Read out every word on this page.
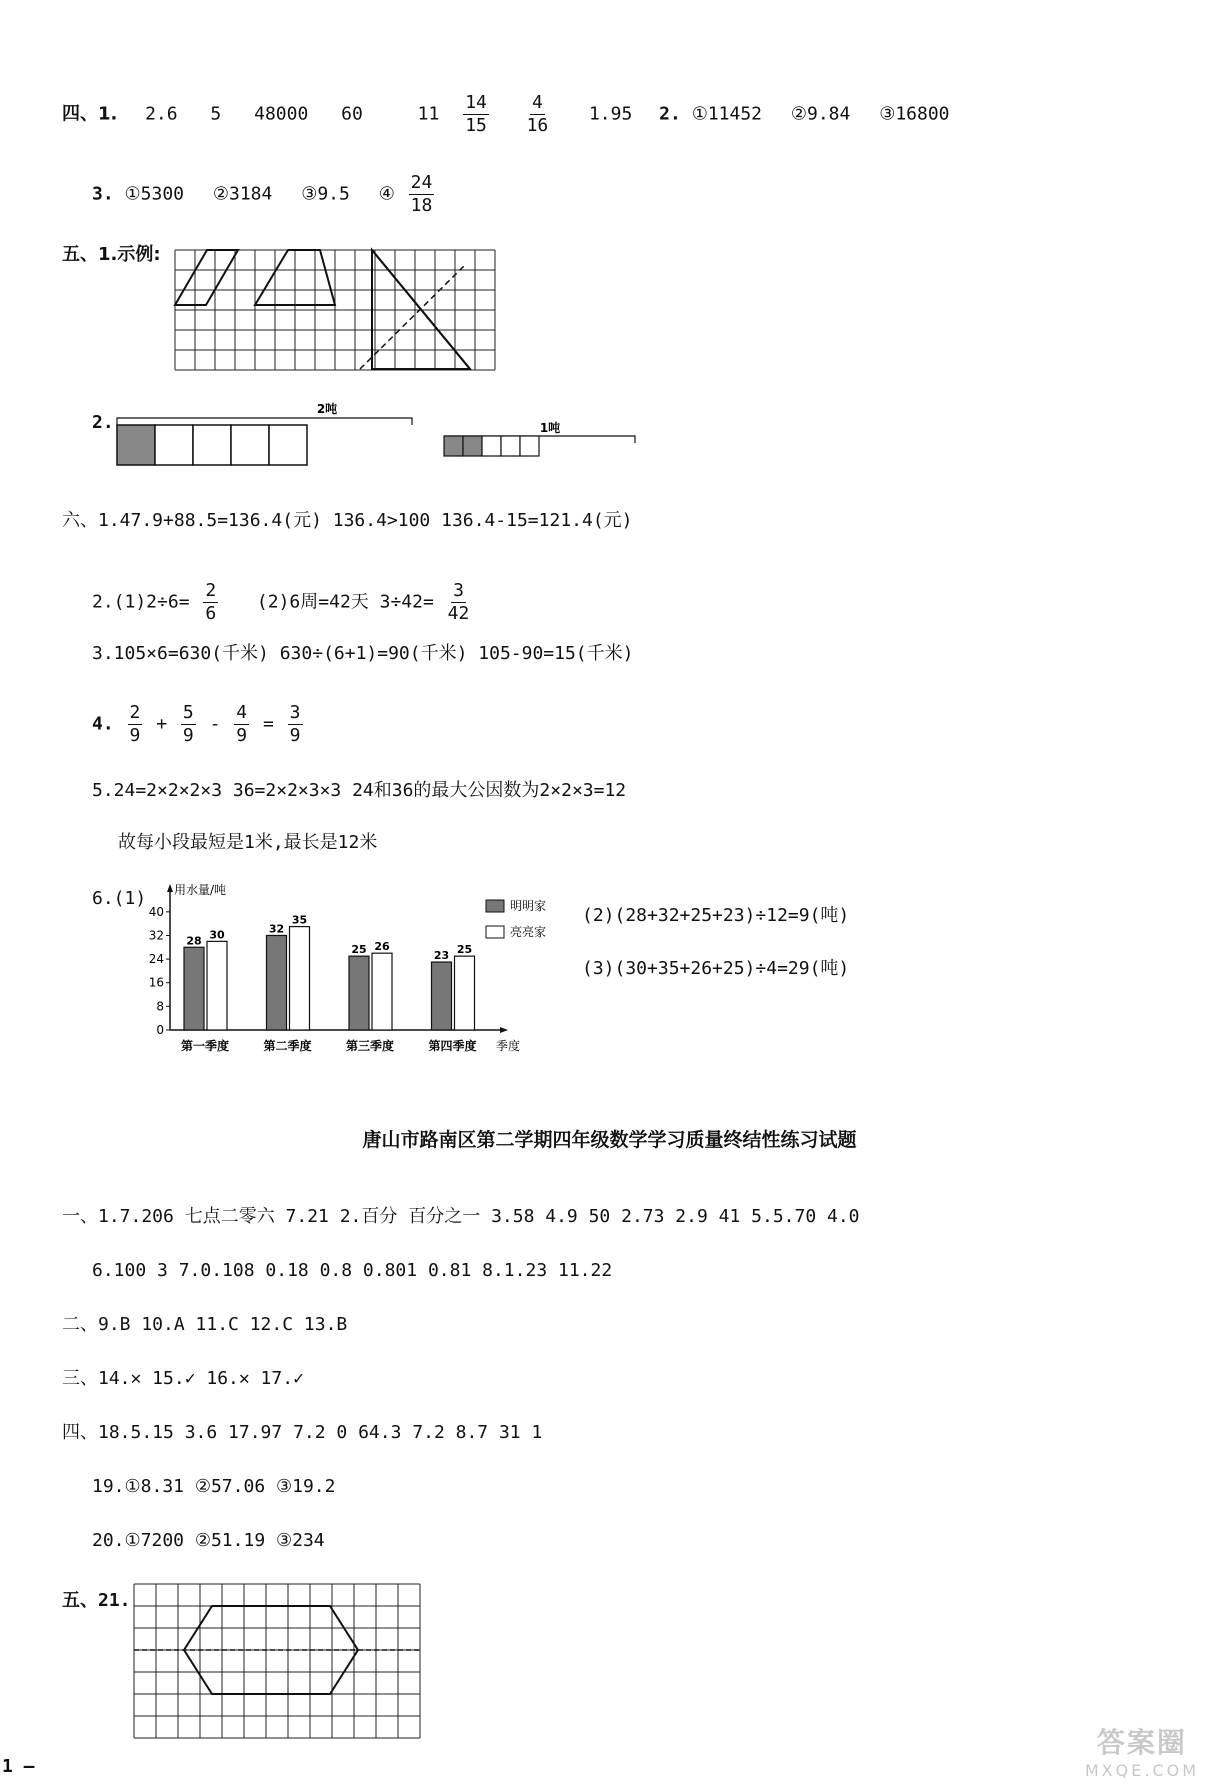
四、1. 2.6 5 48000 60	$11 \frac{14}{15}$
$\frac{4}{16} 1.95$ 2. ①11452 ②9.84 ③16800
3. ①5300 ②3184 ③9.5 ④ $\frac{24}{18}$
五、1.示例:
2.
2吨
1吨
六、1.47.9+88.5=136.4(元) 136.4>100 136.4-15=121.4(元)
$2.(1)2\div 6= \frac{2}{6} (2)6$周=42天 $3\div 42= \frac{3}{42}$
3.105×6=630(千米) 630÷(6+1)=90(千米) 105-90=15(千米)
4. $\frac{2}{9} + \frac{5}{9} - \frac{4}{9} = \frac{3}{9}$
5.24=2×2×2×3 36=2×2×3×3 24和36的最大公因数为2×2×3=12
故每小段最短是1米,最长是12米
6.(1) 用水量/吨
季度
0
8
16
24
32
40
28 30
第一季度
32
35
第二季度
25 26
第三季度
23 25
第四季度
明明家
亮亮家
(2)(28+32+25+23)÷12=9(吨)
(3)(30+35+26+25)÷4=29(吨)
唐山市路南区第二学期四年级数学学习质量终结性练习试题
一、1.7.206 七点二零六 7.21 2.百分 百分之一 3.58 4.9 50 2.73 2.9 41 5.5.70 4.0
6.100 3 7.0.108 0.18 0.8 0.801 0.81 8.1.23 11.22
二、9.B 10.A 11.C 12.C 13.B
三、14.✕ 15.✓ 16.✕ 17.✓
四、18.5.15 3.6 17.97 7.2 0 64.3 7.2 8.7 31 1
19.①8.31 ②57.06 ③19.2
20.①7200 ②51.19 ③234
五、21.
1 —
答案圈
MXQE.COM
